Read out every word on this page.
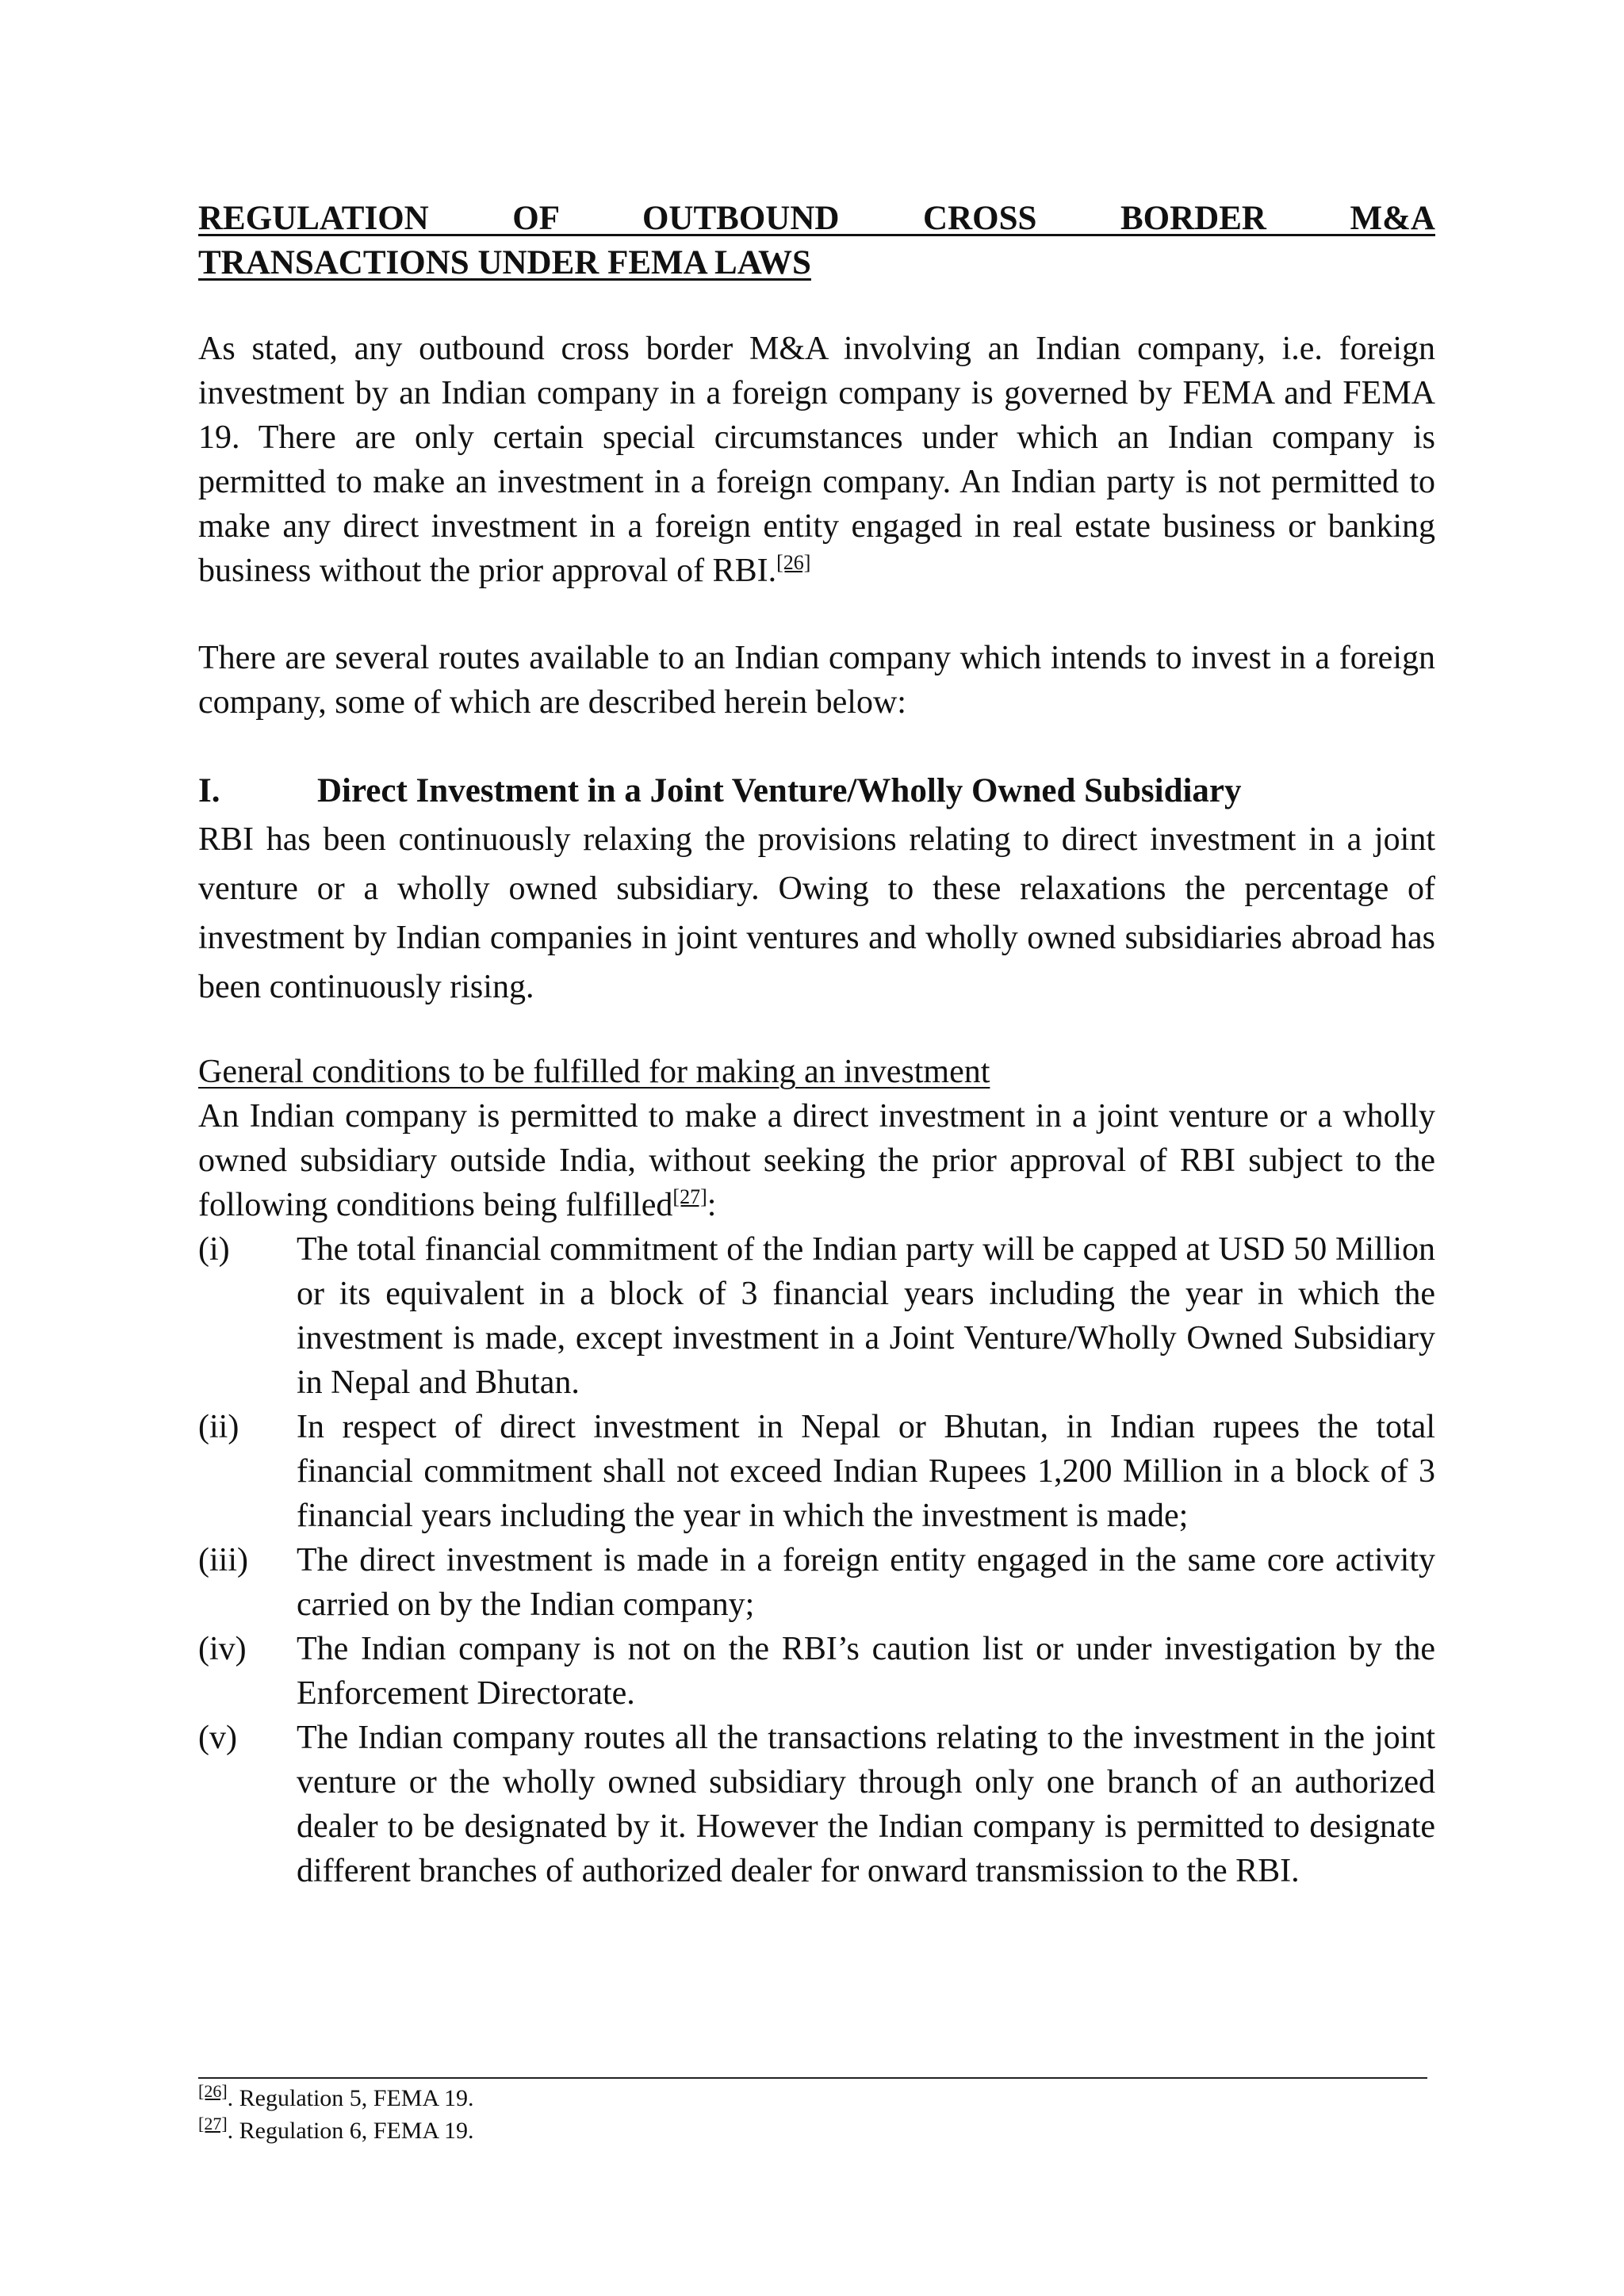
REGULATION OF OUTBOUND CROSS BORDER M&A
TRANSACTIONS UNDER FEMA LAWS

As stated, any outbound cross border M&A involving an Indian company, i.e. foreign investment by an Indian company in a foreign company is governed by FEMA and FEMA 19. There are only certain special circumstances under which an Indian company is permitted to make an investment in a foreign company. An Indian party is not permitted to make any direct investment in a foreign entity engaged in real estate business or banking business without the prior approval of RBI.[26]

There are several routes available to an Indian company which intends to invest in a foreign company, some of which are described herein below:

I.	Direct Investment in a Joint Venture/Wholly Owned Subsidiary

RBI has been continuously relaxing the provisions relating to direct investment in a joint venture or a wholly owned subsidiary. Owing to these relaxations the percentage of investment by Indian companies in joint ventures and wholly owned subsidiaries abroad has been continuously rising.

General conditions to be fulfilled for making an investment

An Indian company is permitted to make a direct investment in a joint venture or a wholly owned subsidiary outside India, without seeking the prior approval of RBI subject to the following conditions being fulfilled[27]:

(i)	The total financial commitment of the Indian party will be capped at USD 50 Million or its equivalent in a block of 3 financial years including the year in which the investment is made, except investment in a Joint Venture/Wholly Owned Subsidiary in Nepal and Bhutan.
(ii)	In respect of direct investment in Nepal or Bhutan, in Indian rupees the total financial commitment shall not exceed Indian Rupees 1,200 Million in a block of 3 financial years including the year in which the investment is made;
(iii)	The direct investment is made in a foreign entity engaged in the same core activity carried on by the Indian company;
(iv)	The Indian company is not on the RBI’s caution list or under investigation by the Enforcement Directorate.
(v)	The Indian company routes all the transactions relating to the investment in the joint venture or the wholly owned subsidiary through only one branch of an authorized dealer to be designated by it. However the Indian company is permitted to designate different branches of authorized dealer for onward transmission to the RBI.
[26]. Regulation 5, FEMA 19.
[27]. Regulation 6, FEMA 19.
